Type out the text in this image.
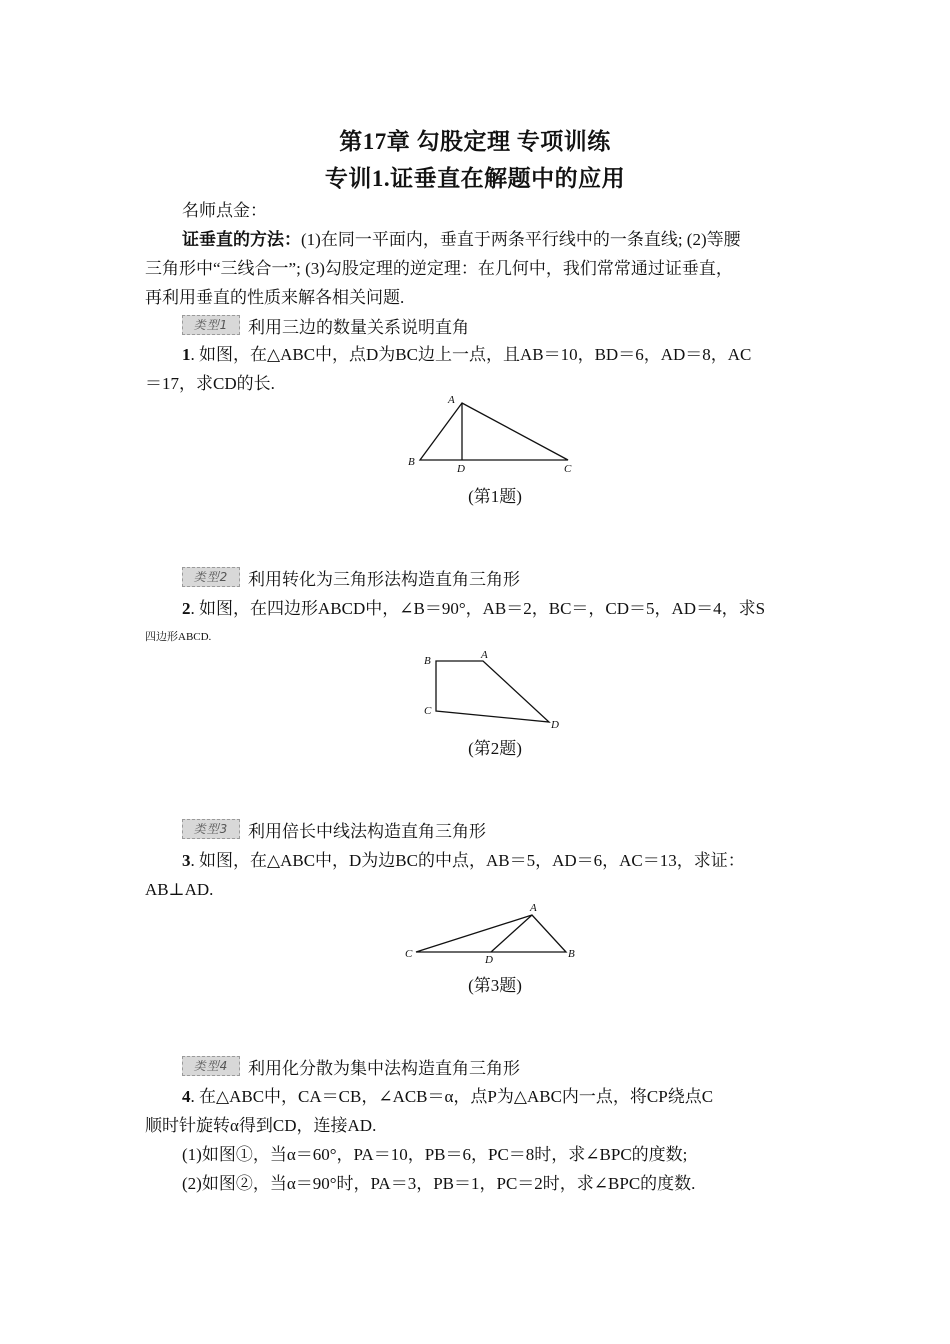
第17章 勾股定理 专项训练
专训1.证垂直在解题中的应用
名师点金：
证垂直的方法：(1)在同一平面内，垂直于两条平行线中的一条直线; (2)等腰
三角形中“三线合一”; (3)勾股定理的逆定理：在几何中，我们常常通过证垂直，
再利用垂直的性质来解各相关问题.
类型1	利用三边的数量关系说明直角
1. 如图，在△ABC中，点D为BC边上一点，且AB＝10，BD＝6，AD＝8，AC
＝17，求CD的长.
A
B
D	C
(第1题)
类型2	利用转化为三角形法构造直角三角形
2. 如图，在四边形ABCD中，∠B＝90°，AB＝2，BC＝，CD＝5，AD＝4，求S
四边形ABCD.
B	A
C
D
(第2题)
类型3	利用倍长中线法构造直角三角形
3. 如图，在△ABC中，D为边BC的中点，AB＝5，AD＝6，AC＝13，求证：
AB⊥AD.
A
C	D	B
(第3题)
类型4	利用化分散为集中法构造直角三角形
4. 在△ABC中，CA＝CB，∠ACB＝α，点P为△ABC内一点，将CP绕点C
顺时针旋转α得到CD，连接AD.
(1)如图①，当α＝60°，PA＝10，PB＝6，PC＝8时，求∠BPC的度数;
(2)如图②，当α＝90°时，PA＝3，PB＝1，PC＝2时，求∠BPC的度数.
